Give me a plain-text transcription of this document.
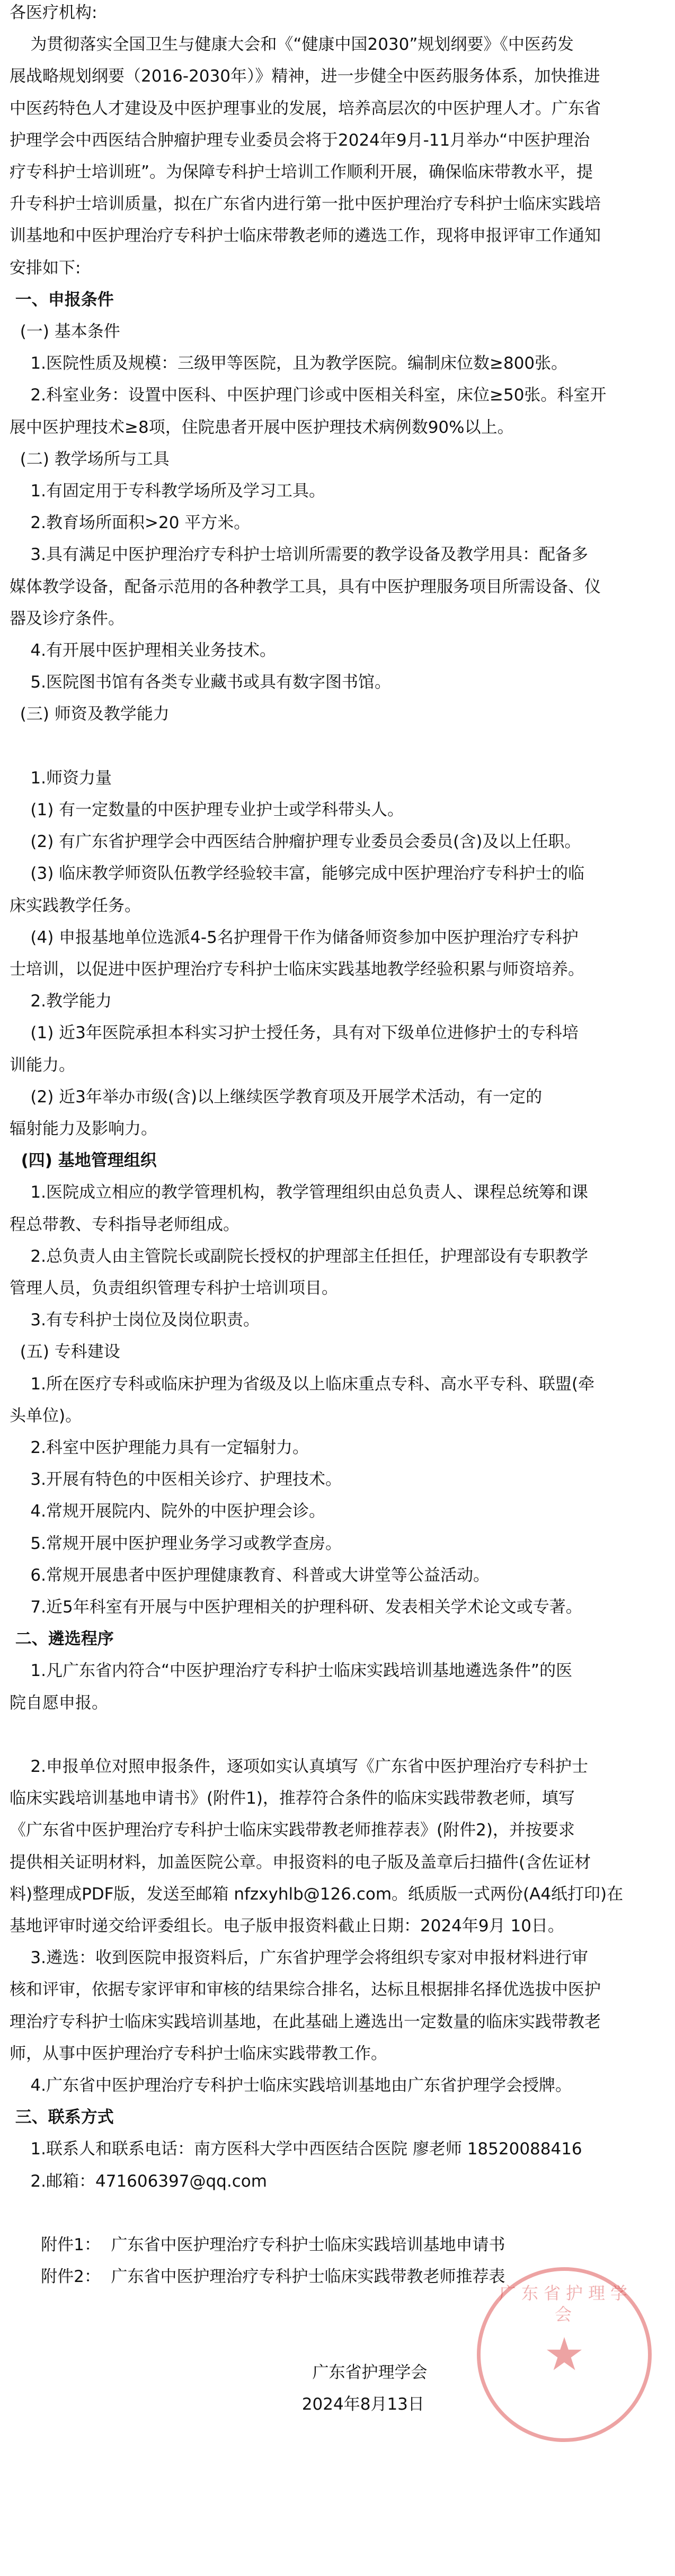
2024年8月13日
广东省护理学会
附件2：  广东省中医护理治疗专科护士临床实践带教老师推荐表
附件1：  广东省中医护理治疗专科护士临床实践培训基地申请书
2.邮箱：471606397@qq.com
1.联系人和联系电话：南方医科大学中西医结合医院 廖老师 18520088416
三、联系方式
4.广东省中医护理治疗专科护士临床实践培训基地由广东省护理学会授牌。
师，从事中医护理治疗专科护士临床实践带教工作。
理治疗专科护士临床实践培训基地，在此基础上遴选出一定数量的临床实践带教老
核和评审，依据专家评审和审核的结果综合排名，达标且根据排名择优选拔中医护
3.遴选：收到医院申报资料后，广东省护理学会将组织专家对申报材料进行审
基地评审时递交给评委组长。电子版申报资料截止日期：2024年9月 10日。
料)整理成PDF版，发送至邮箱 nfzxyhlb@126.com。纸质版一式两份(A4纸打印)在
提供相关证明材料，加盖医院公章。申报资料的电子版及盖章后扫描件(含佐证材
《广东省中医护理治疗专科护士临床实践带教老师推荐表》(附件2)，并按要求
临床实践培训基地申请书》(附件1)，推荐符合条件的临床实践带教老师，填写
2.申报单位对照申报条件，逐项如实认真填写《广东省中医护理治疗专科护士
院自愿申报。
1.凡广东省内符合“中医护理治疗专科护士临床实践培训基地遴选条件”的医
二、遴选程序
7.近5年科室有开展与中医护理相关的护理科研、发表相关学术论文或专著。
6.常规开展患者中医护理健康教育、科普或大讲堂等公益活动。
5.常规开展中医护理业务学习或教学查房。
4.常规开展院内、院外的中医护理会诊。
3.开展有特色的中医相关诊疗、护理技术。
2.科室中医护理能力具有一定辐射力。
头单位)。
1.所在医疗专科或临床护理为省级及以上临床重点专科、高水平专科、联盟(牵
(五) 专科建设
3.有专科护士岗位及岗位职责。
管理人员，负责组织管理专科护士培训项目。
2.总负责人由主管院长或副院长授权的护理部主任担任，护理部设有专职教学
程总带教、专科指导老师组成。
1.医院成立相应的教学管理机构，教学管理组织由总负责人、课程总统筹和课
(四) 基地管理组织
辐射能力及影响力。
(2) 近3年举办市级(含)以上继续医学教育项及开展学术活动，有一定的
训能力。
(1) 近3年医院承担本科实习护士授任务，具有对下级单位进修护士的专科培
2.教学能力
士培训，以促进中医护理治疗专科护士临床实践基地教学经验积累与师资培养。
(4) 申报基地单位选派4-5名护理骨干作为储备师资参加中医护理治疗专科护
床实践教学任务。
(3) 临床教学师资队伍教学经验较丰富，能够完成中医护理治疗专科护士的临
(2) 有广东省护理学会中西医结合肿瘤护理专业委员会委员(含)及以上任职。
(1) 有一定数量的中医护理专业护士或学科带头人。
1.师资力量
(三) 师资及教学能力
5.医院图书馆有各类专业藏书或具有数字图书馆。
4.有开展中医护理相关业务技术。
器及诊疗条件。
媒体教学设备，配备示范用的各种教学工具，具有中医护理服务项目所需设备、仪
3.具有满足中医护理治疗专科护士培训所需要的教学设备及教学用具：配备多
2.教育场所面积>20 平方米。
1.有固定用于专科教学场所及学习工具。
(二) 教学场所与工具
展中医护理技术≥8项，住院患者开展中医护理技术病例数90%以上。
2.科室业务：设置中医科、中医护理门诊或中医相关科室，床位≥50张。科室开
1.医院性质及规模：三级甲等医院，且为教学医院。编制床位数≥800张。
(一) 基本条件
一、申报条件
安排如下:
训基地和中医护理治疗专科护士临床带教老师的遴选工作，现将申报评审工作通知
升专科护士培训质量，拟在广东省内进行第一批中医护理治疗专科护士临床实践培
疗专科护士培训班”。为保障专科护士培训工作顺利开展，确保临床带教水平，提
护理学会中西医结合肿瘤护理专业委员会将于2024年9月-11月举办“中医护理治
中医药特色人才建设及中医护理事业的发展，培养高层次的中医护理人才。广东省
展战略规划纲要（2016-2030年）》精神，进一步健全中医药服务体系，加快推进
为贯彻落实全国卫生与健康大会和《“健康中国2030”规划纲要》《中医药发
各医疗机构:
广东省护理学会
★
